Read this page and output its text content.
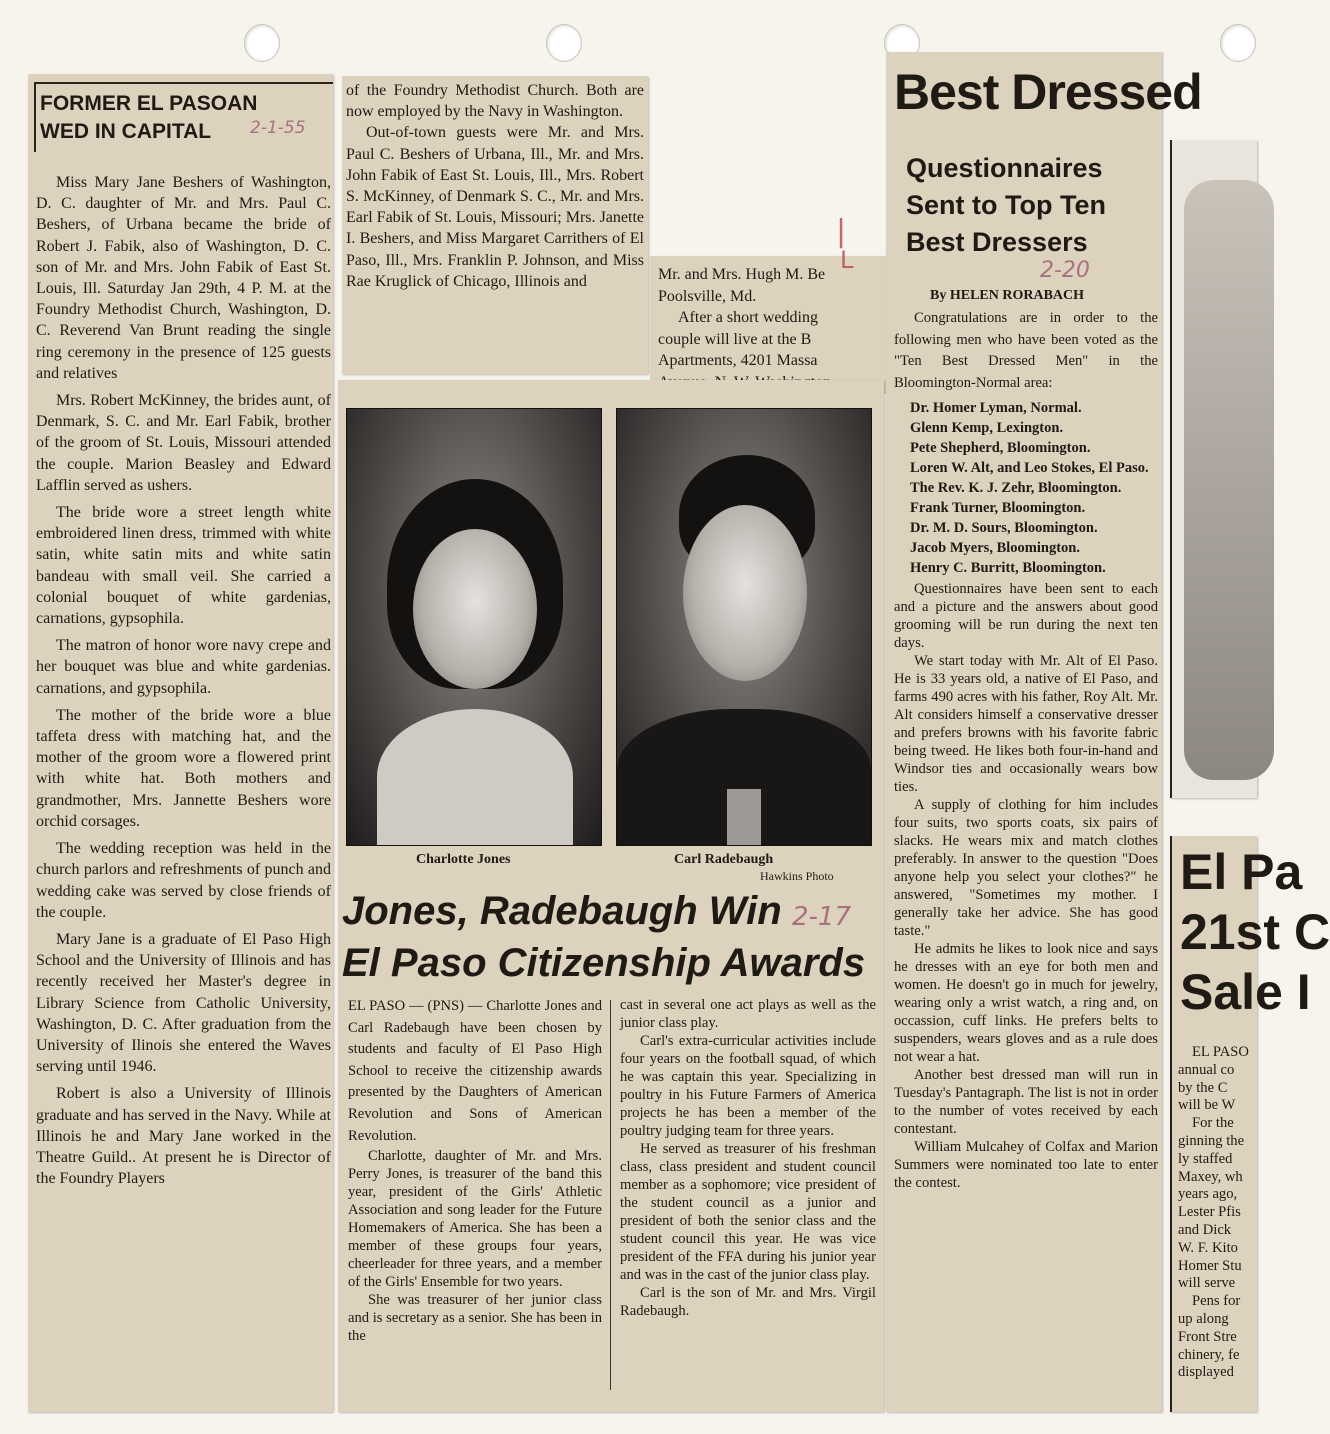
FORMER EL PASOAN
WED IN CAPITAL

Miss Mary Jane Beshers of Washington, D. C. daughter of Mr. and Mrs. Paul C. Beshers, of Urbana became the bride of Robert J. Fabik, also of Washington, D. C. son of Mr. and Mrs. John Fabik of East St. Louis, Ill. Saturday Jan 29th, 4 P. M. at the Foundry Methodist Church, Washington, D. C. Reverend Van Brunt reading the single ring ceremony in the presence of 125 guests and relatives

Mrs. Robert McKinney, the brides aunt, of Denmark, S. C. and Mr. Earl Fabik, brother of the groom of St. Louis, Missouri attended the couple. Marion Beasley and Edward Lafflin served as ushers.

The bride wore a street length white embroidered linen dress, trimmed with white satin, white satin mits and white satin bandeau with small veil. She carried a colonial bouquet of white gardenias, carnations, gypsophila.

The matron of honor wore navy crepe and her bouquet was blue and white gardenias. carnations, and gypsophila.

The mother of the bride wore a blue taffeta dress with matching hat, and the mother of the groom wore a flowered print with white hat. Both mothers and grandmother, Mrs. Jannette Beshers wore orchid corsages.

The wedding reception was held in the church parlors and refreshments of punch and wedding cake was served by close friends of the couple.

Mary Jane is a graduate of El Paso High School and the University of Illinois and has recently received her Master's degree in Library Science from Catholic University, Washington, D. C. After graduation from the University of Ilinois she entered the Waves serving until 1946.

Robert is also a University of Illinois graduate and has served in the Navy. While at Illinois he and Mary Jane worked in the Theatre Guild.. At present he is Director of the Foundry Players

2-1-55

of the Foundry Methodist Church. Both are now employed by the Navy in Washington.

Out-of-town guests were Mr. and Mrs. Paul C. Beshers of Urbana, Ill., Mr. and Mrs. John Fabik of East St. Louis, Ill., Mrs. Robert S. McKinney, of Denmark S. C., Mr. and Mrs. Earl Fabik of St. Louis, Missouri; Mrs. Janette I. Beshers, and Miss Margaret Carrithers of El Paso, Ill., Mrs. Franklin P. Johnson, and Miss Rae Kruglick of Chicago, Illinois and	Mr. and Mrs. Hugh M. Be
Poolsville, Md.
After a short wedding
couple will live at the B
Apartments, 4201 Massa
Charlotte Jones	Carl Radebaugh
Hawkins Photo
Jones, Radebaugh Win
El Paso Citizenship Awards

EL PASO — (PNS) — Charlotte Jones and Carl Radebaugh have been chosen by students and faculty of El Paso High School to receive the citizenship awards presented by the Daughters of American Revolution and Sons of American Revolution.

Charlotte, daughter of Mr. and Mrs. Perry Jones, is treasurer of the band this year, president of the Girls' Athletic Association and song leader for the Future Homemakers of America. She has been a member of these groups four years, cheerleader for three years, and a member of the Girls' Ensemble for two years.

She was treasurer of her junior class and is secretary as a senior. She has been in the

cast in several one act plays as well as the junior class play.

Carl's extra-curricular activities include four years on the football squad, of which he was captain this year. Specializing in poultry in his Future Farmers of America projects he has been a member of the poultry judging team for three years.

He served as treasurer of his freshman class, class president and student council member as a sophomore; vice president of the student council as a junior and president of both the senior class and the student council this year. He was vice president of the FFA during his junior year and was in the cast of the junior class play.

Carl is the son of Mr. and Mrs. Virgil Radebaugh.

2-17
Best Dressed
Questionnaires
Sent to Top Ten
Best Dressers
By HELEN RORABACH

Congratulations are in order to the following men who have been voted as the "Ten Best Dressed Men" in the Bloomington-Normal area:

Dr. Homer Lyman, Normal.
Glenn Kemp, Lexington.
Pete Shepherd, Bloomington.
Loren W. Alt, and Leo Stokes, El Paso.
The Rev. K. J. Zehr, Bloomington.
Frank Turner, Bloomington.
Dr. M. D. Sours, Bloomington.
Jacob Myers, Bloomington.
Henry C. Burritt, Bloomington.

Questionnaires have been sent to each and a picture and the answers about good grooming will be run during the next ten days.

We start today with Mr. Alt of El Paso. He is 33 years old, a native of El Paso, and farms 490 acres with his father, Roy Alt. Mr. Alt considers himself a conservative dresser and prefers browns with his favorite fabric being tweed. He likes both four-in-hand and Windsor ties and occasionally wears bow ties.

A supply of clothing for him includes four suits, two sports coats, six pairs of slacks. He wears mix and match clothes preferably. In answer to the question "Does anyone help you select your clothes?" he answered, "Sometimes my mother. I generally take her advice. She has good taste."

He admits he likes to look nice and says he dresses with an eye for both men and women. He doesn't go in much for jewelry, wearing only a wrist watch, a ring and, on occassion, cuff links. He prefers belts to suspenders, wears gloves and as a rule does not wear a hat.

Another best dressed man will run in Tuesday's Pantagraph. The list is not in order to the number of votes received by each contestant.

William Mulcahey of Colfax and Marion Summers were nominated too late to enter the contest.

2-20
|
L
El Pa
21st C
Sale I
EL PASO
annual co
by the C
will be W
For the
ginning the
ly staffed
Maxey, wh
years ago,
Lester Pfis
and Dick
W. F. Kito
Homer Stu
will serve
Pens for
up along
Front Stre
chinery, fe
displayed
